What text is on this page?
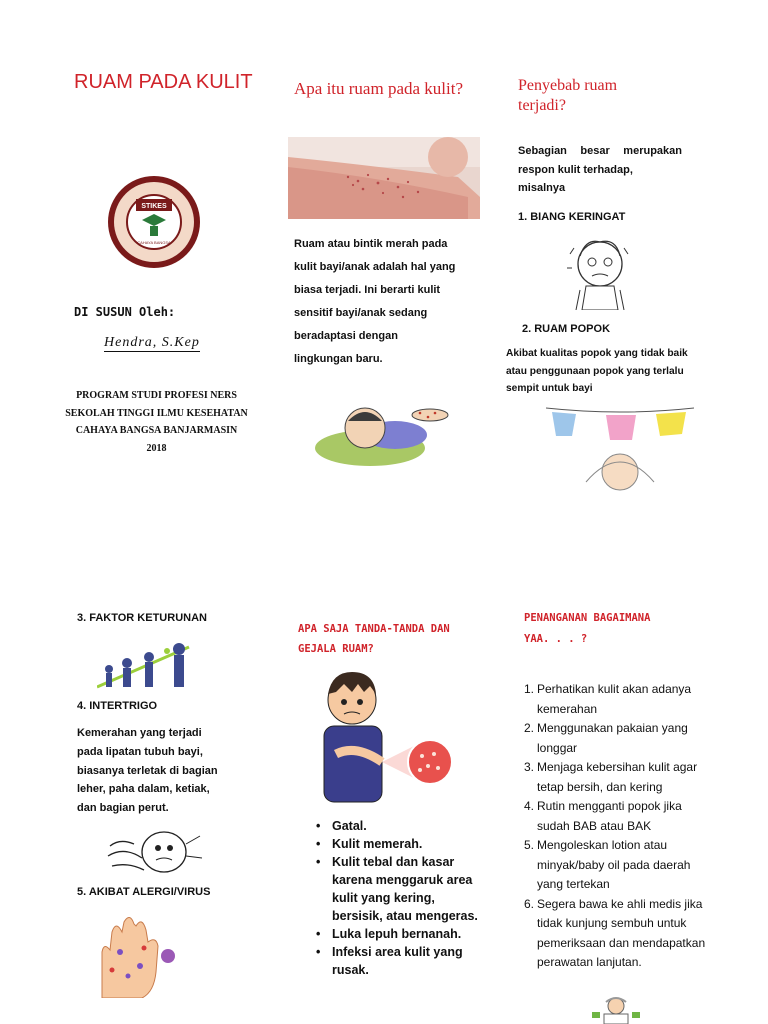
RUAM PADA KULIT
STIKES
CAHAYA BANGSA
DI SUSUN Oleh:
Hendra, S.Kep
PROGRAM STUDI PROFESI NERS
SEKOLAH TINGGI ILMU KESEHATAN
CAHAYA BANGSA BANJARMASIN
2018
Apa itu ruam pada kulit?
Ruam atau bintik merah pada
kulit bayi/anak adalah hal yang
biasa terjadi. Ini berarti kulit
sensitif bayi/anak sedang
beradaptasi dengan
lingkungan baru.
Penyebab ruam terjadi?
Sebagian besar merupakan
respon kulit terhadap,
misalnya
1. BIANG KERINGAT
2. RUAM POPOK
Akibat kualitas popok yang tidak baik
atau penggunaan popok yang terlalu
sempit untuk bayi
3. FAKTOR KETURUNAN
4. INTERTRIGO
Kemerahan yang terjadi
pada lipatan tubuh bayi,
biasanya terletak di bagian
leher, paha dalam, ketiak,
dan bagian perut.
5. AKIBAT ALERGI/VIRUS
APA SAJA TANDA-TANDA DAN
GEJALA RUAM?
• Gatal.
• Kulit memerah.
• Kulit tebal dan kasar karena menggaruk area kulit yang kering, bersisik, atau mengeras.
• Luka lepuh bernanah.
• Infeksi area kulit yang rusak.
PENANGANAN BAGAIMANA
YAA. . . ?
1. Perhatikan kulit akan adanya kemerahan
2. Menggunakan pakaian yang longgar
3. Menjaga kebersihan kulit agar tetap bersih, dan kering
4. Rutin mengganti popok jika sudah BAB atau BAK
5. Mengoleskan lotion atau minyak/baby oil pada daerah yang tertekan
6. Segera bawa ke ahli medis jika tidak kunjung sembuh untuk pemeriksaan dan mendapatkan perawatan lanjutan.
